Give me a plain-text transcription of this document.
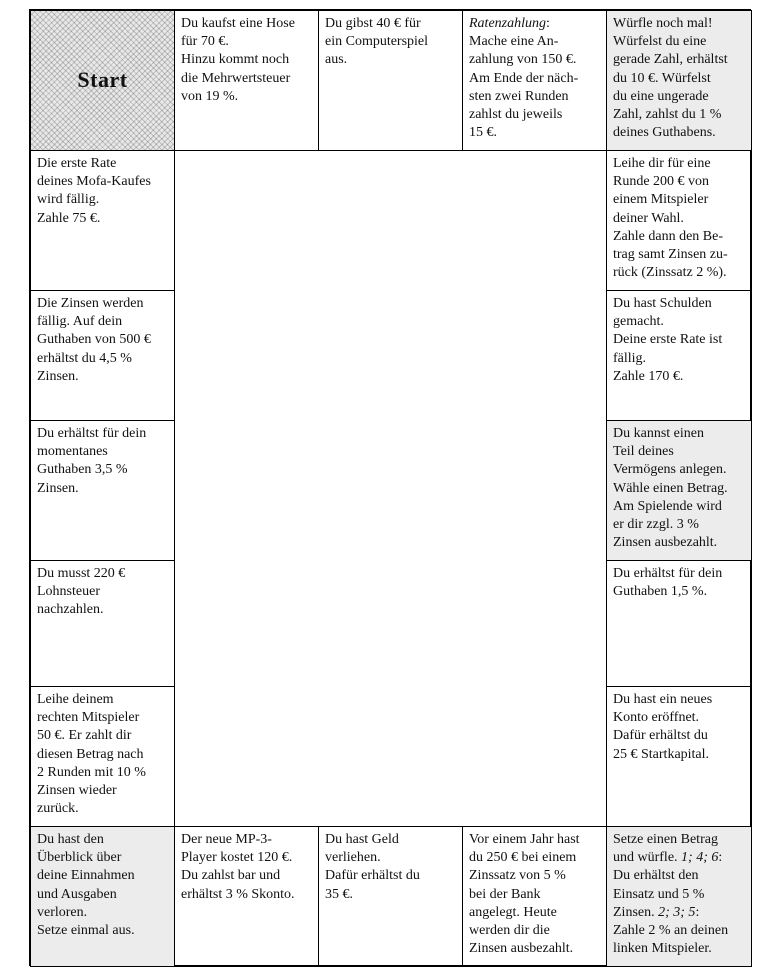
Start
Du kaufst eine Hose
für 70 €.
Hinzu kommt noch
die Mehrwertsteuer
von 19 %.
Du gibst 40 € für
ein Computerspiel
aus.
Ratenzahlung:
Mache eine An-
zahlung von 150 €.
Am Ende der näch-
sten zwei Runden
zahlst du jeweils
15 €.
Würfle noch mal!
Würfelst du eine
gerade Zahl, erhältst
du 10 €. Würfelst
du eine ungerade
Zahl, zahlst du 1 %
deines Guthabens.
Die erste Rate
deines Mofa-Kaufes
wird fällig.
Zahle 75 €.
Die Zinsen werden
fällig. Auf dein
Guthaben von 500 €
erhältst du 4,5 %
Zinsen.
Du erhältst für dein
momentanes
Guthaben 3,5 %
Zinsen.
Du musst 220 €
Lohnsteuer
nachzahlen.
Leihe deinem
rechten Mitspieler
50 €. Er zahlt dir
diesen Betrag nach
2 Runden mit 10 %
Zinsen wieder
zurück.
Leihe dir für eine
Runde 200 € von
einem Mitspieler
deiner Wahl.
Zahle dann den Be-
trag samt Zinsen zu-
rück (Zinssatz 2 %).
Du hast Schulden
gemacht.
Deine erste Rate ist
fällig.
Zahle 170 €.
Du kannst einen
Teil deines
Vermögens anlegen.
Wähle einen Betrag.
Am Spielende wird
er dir zzgl. 3 %
Zinsen ausbezahlt.
Du erhältst für dein
Guthaben 1,5 %.
Du hast ein neues
Konto eröffnet.
Dafür erhältst du
25 € Startkapital.
Du hast den
Überblick über
deine Einnahmen
und Ausgaben
verloren.
Setze einmal aus.
Der neue MP-3-
Player kostet 120 €.
Du zahlst bar und
erhältst 3 % Skonto.
Du hast Geld
verliehen.
Dafür erhältst du
35 €.
Vor einem Jahr hast
du 250 € bei einem
Zinssatz von 5 %
bei der Bank
angelegt. Heute
werden dir die
Zinsen ausbezahlt.
Setze einen Betrag
und würfle. 1; 4; 6:
Du erhältst den
Einsatz und 5 %
Zinsen. 2; 3; 5:
Zahle 2 % an deinen
linken Mitspieler.
